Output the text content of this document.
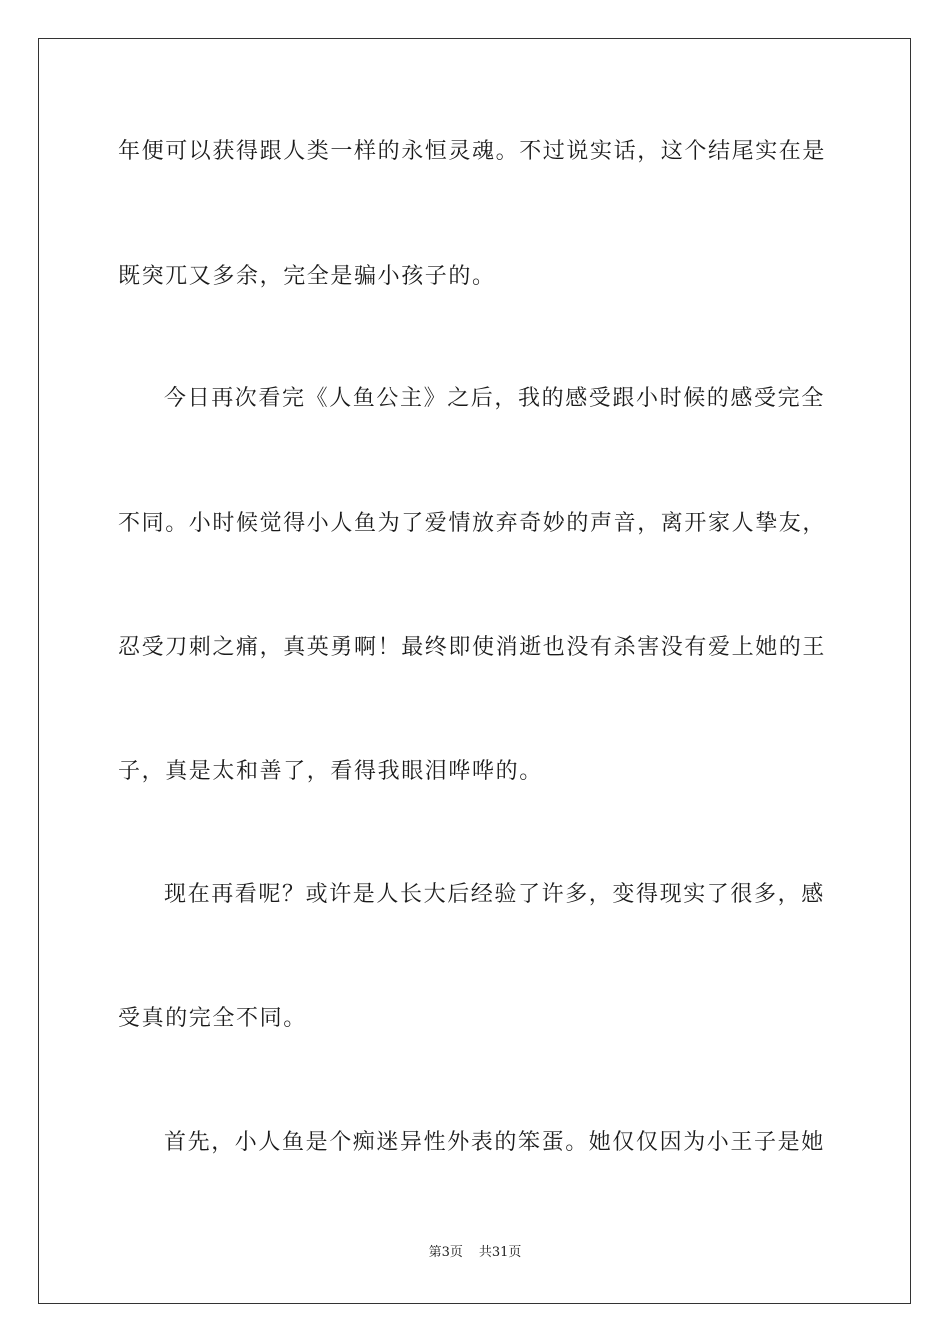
年便可以获得跟人类一样的永恒灵魂。不过说实话，这个结尾实在是
既突兀又多余，完全是骗小孩子的。
今日再次看完《人鱼公主》之后，我的感受跟小时候的感受完全
不同。小时候觉得小人鱼为了爱情放弃奇妙的声音，离开家人挚友，
忍受刀刺之痛，真英勇啊！最终即使消逝也没有杀害没有爱上她的王
子，真是太和善了，看得我眼泪哗哗的。
现在再看呢？或许是人长大后经验了许多，变得现实了很多，感
受真的完全不同。
首先，小人鱼是个痴迷异性外表的笨蛋。她仅仅因为小王子是她
第3页 共31页
